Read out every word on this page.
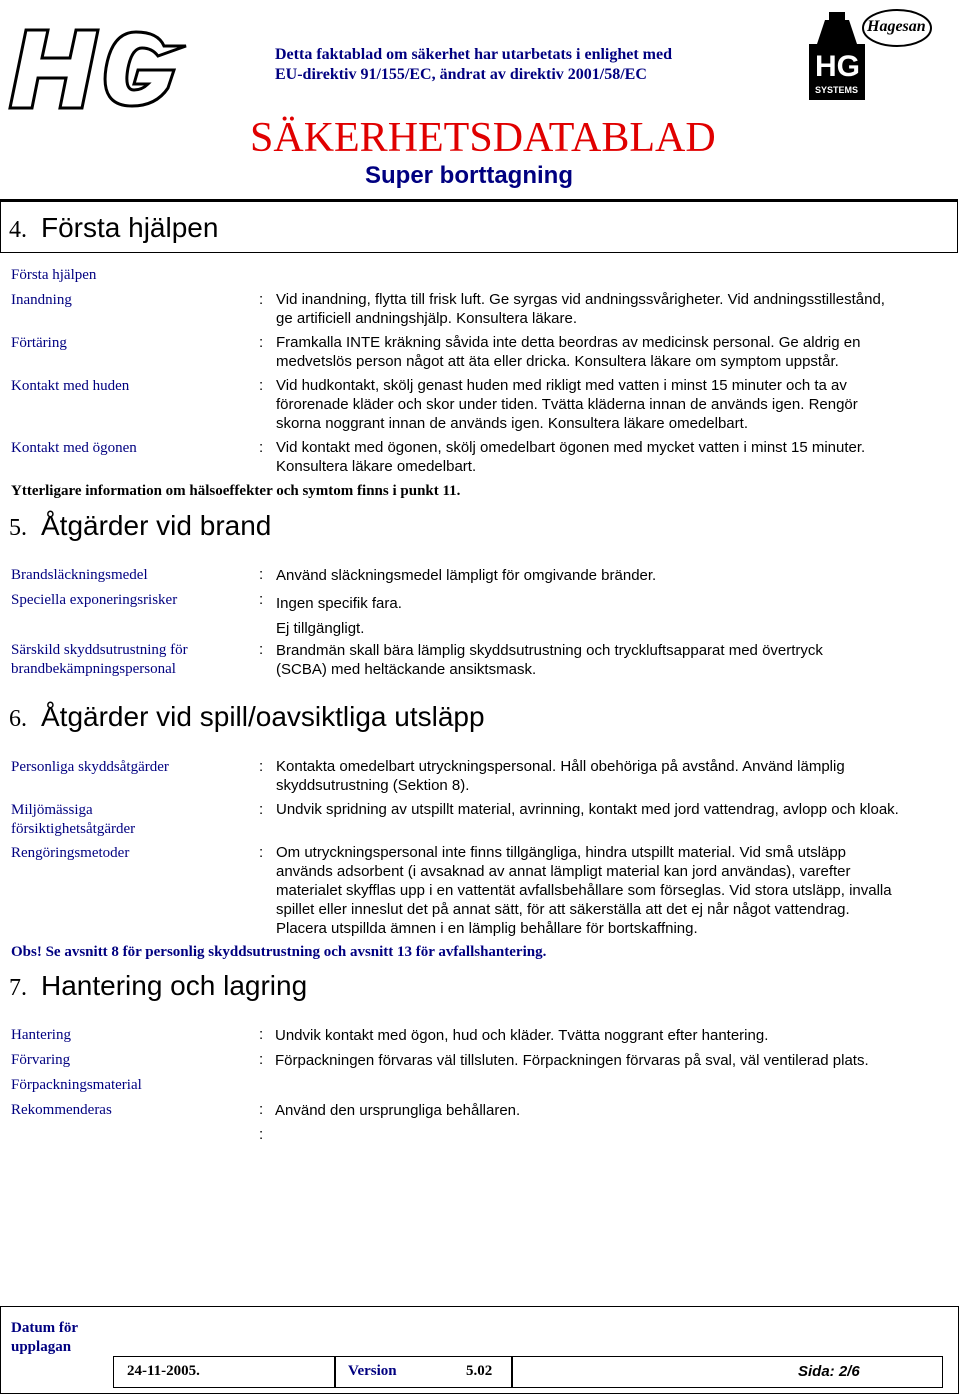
Hagesan
HG
SYSTEMS
Detta faktablad om säkerhet har utarbetats i enlighet med
EU-direktiv 91/155/EC, ändrat av direktiv 2001/58/EC
SÄKERHETSDATABLAD
Super borttagning
4. Första hjälpen
Första hjälpen
Inandning	: Vid inandning, flytta till frisk luft. Ge syrgas vid andningssvårigheter. Vid andningsstillestånd,
ge artificiell andningshjälp. Konsultera läkare.
Förtäring	: Framkalla INTE kräkning såvida inte detta beordras av medicinsk personal. Ge aldrig en
medvetslös person något att äta eller dricka. Konsultera läkare om symptom uppstår.
Kontakt med huden	: Vid hudkontakt, skölj genast huden med rikligt med vatten i minst 15 minuter och ta av
förorenade kläder och skor under tiden. Tvätta kläderna innan de används igen. Rengör
skorna noggrant innan de används igen. Konsultera läkare omedelbart.
Kontakt med ögonen	: Vid kontakt med ögonen, skölj omedelbart ögonen med mycket vatten i minst 15 minuter.
Konsultera läkare omedelbart.
Ytterligare information om hälsoeffekter och symtom finns i punkt 11.
5. Åtgärder vid brand
Brandsläckningsmedel	: Använd släckningsmedel lämpligt för omgivande bränder.
Speciella exponeringsrisker	: Ingen specifik fara.
Ej tillgängligt.
Särskild skyddsutrustning för brandbekämpningspersonal
: Brandmän skall bära lämplig skyddsutrustning och tryckluftsapparat med övertryck
(SCBA) med heltäckande ansiktsmask.
6. Åtgärder vid spill/oavsiktliga utsläpp
Personliga skyddsåtgärder	: Kontakta omedelbart utryckningspersonal. Håll obehöriga på avstånd. Använd lämplig
skyddsutrustning (Sektion 8).
Miljömässiga försiktighetsåtgärder
: Undvik spridning av utspillt material, avrinning, kontakt med jord vattendrag, avlopp och kloak.
Rengöringsmetoder	: Om utryckningspersonal inte finns tillgängliga, hindra utspillt material. Vid små utsläpp
används adsorbent (i avsaknad av annat lämpligt material kan jord användas), varefter
materialet skyfflas upp i en vattentät avfallsbehållare som förseglas. Vid stora utsläpp, invalla
spillet eller inneslut det på annat sätt, för att säkerställa att det ej når något vattendrag.
Placera utspillda ämnen i en lämplig behållare för bortskaffning.
Obs! Se avsnitt 8 för personlig skyddsutrustning och avsnitt 13 för avfallshantering.
7. Hantering och lagring
Hantering	: Undvik kontakt med ögon, hud och kläder. Tvätta noggrant efter hantering.
Förvaring	: Förpackningen förvaras väl tillsluten. Förpackningen förvaras på sval, väl ventilerad plats.
Förpackningsmaterial
Rekommenderas	: Använd den ursprungliga behållaren.
:
Datum för upplagan
24-11-2005.	Version	5.02	Sida: 2/6
